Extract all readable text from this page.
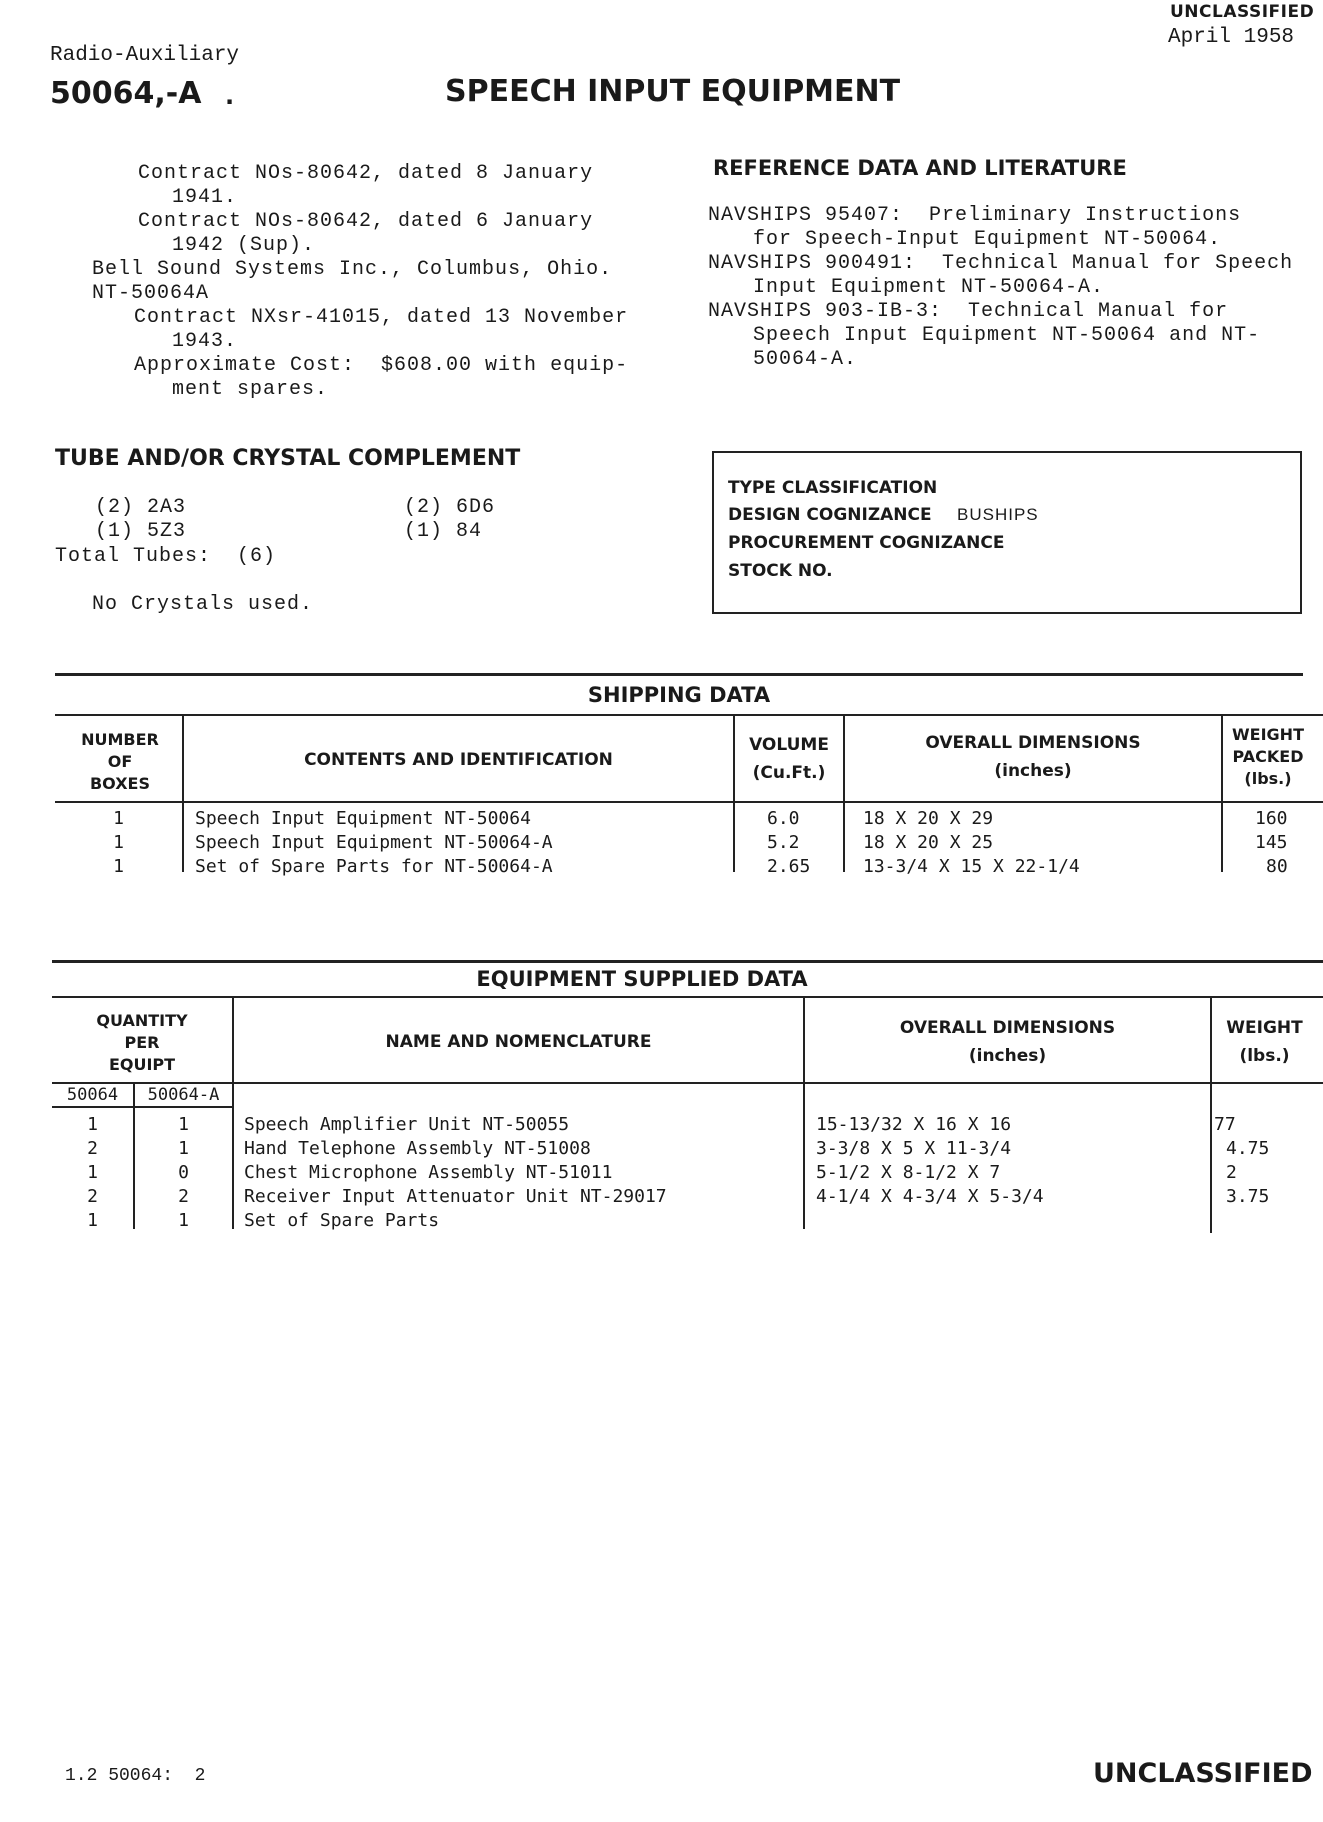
UNCLASSIFIED
April 1958
Radio-Auxiliary
50064,-A .	SPEECH INPUT EQUIPMENT
Contract NOs-80642, dated 8 January
1941.
Contract NOs-80642, dated 6 January
1942 (Sup).
Bell Sound Systems Inc., Columbus, Ohio.
NT-50064A
Contract NXsr-41015, dated 13 November
1943.
Approximate Cost:  $608.00 with equip-
ment spares.
REFERENCE DATA AND LITERATURE
NAVSHIPS 95407:  Preliminary Instructions
for Speech-Input Equipment NT-50064.
NAVSHIPS 900491:  Technical Manual for Speech
Input Equipment NT-50064-A.
NAVSHIPS 903-IB-3:  Technical Manual for
Speech Input Equipment NT-50064 and NT-
50064-A.
TUBE AND/OR CRYSTAL COMPLEMENT
(2) 2A3	(2) 6D6
(1) 5Z3	(1) 84
Total Tubes:  (6)
No Crystals used.
TYPE CLASSIFICATION
DESIGN COGNIZANCE BUSHIPS
PROCUREMENT COGNIZANCE
STOCK NO.
SHIPPING DATA
NUMBER
OF
BOXES
CONTENTS AND IDENTIFICATION
VOLUME
(Cu.Ft.)
OVERALL DIMENSIONS
(inches)
WEIGHT
PACKED
(lbs.)
1	Speech Input Equipment NT-50064	6.0	18 X 20 X 29	160
1	Speech Input Equipment NT-50064-A	5.2	18 X 20 X 25	145
1	Set of Spare Parts for NT-50064-A	2.65	13-3/4 X 15 X 22-1/4	80
EQUIPMENT SUPPLIED DATA
QUANTITY
PER
EQUIPT
NAME AND NOMENCLATURE
OVERALL DIMENSIONS
(inches)
WEIGHT
(lbs.)
50064	50064-A
1	1	Speech Amplifier Unit NT-50055	15-13/32 X 16 X 16	77
2	1	Hand Telephone Assembly NT-51008	3-3/8 X 5 X 11-3/4	4.75
1	0	Chest Microphone Assembly NT-51011	5-1/2 X 8-1/2 X 7	2
2	2	Receiver Input Attenuator Unit NT-29017	4-1/4 X 4-3/4 X 5-3/4	3.75
1	1	Set of Spare Parts
1.2 50064:  2	UNCLASSIFIED
